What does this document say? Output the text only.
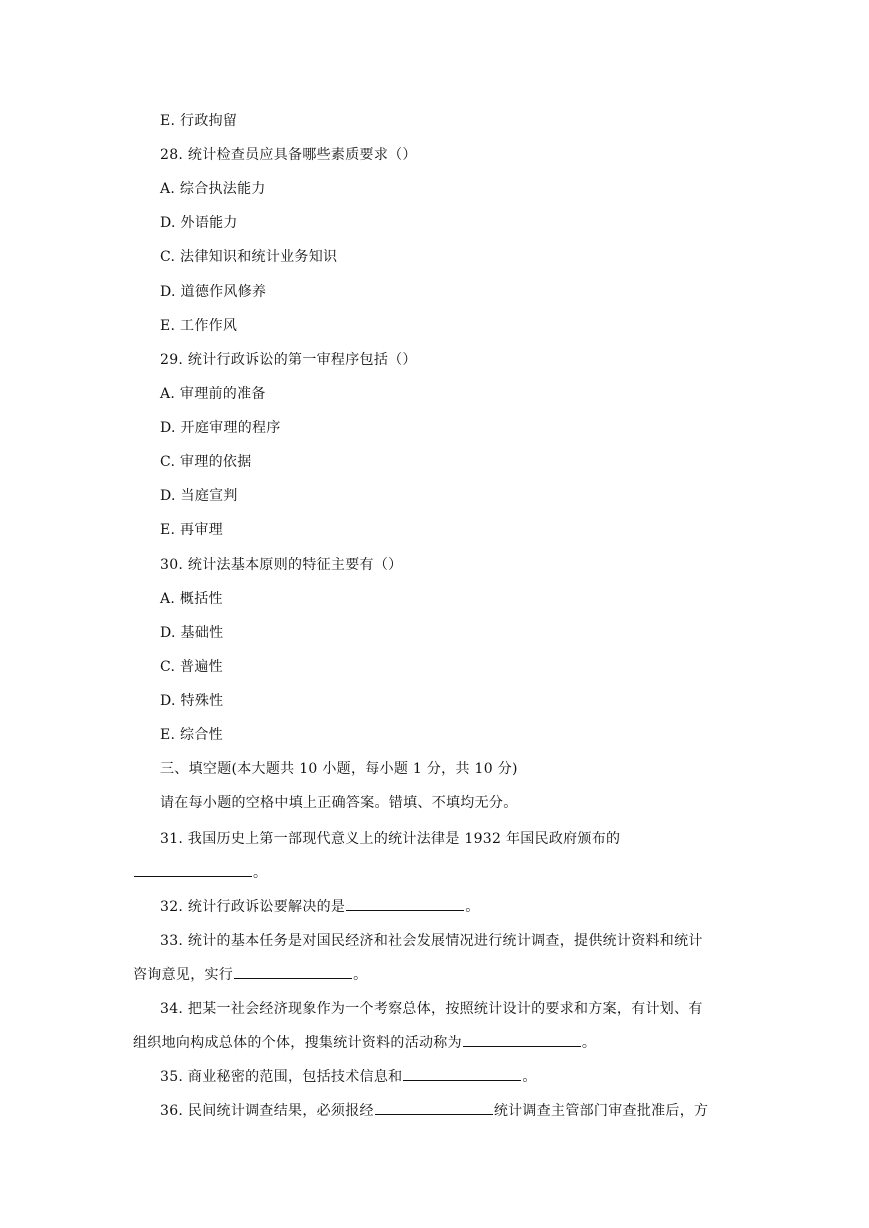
E. 行政拘留
28. 统计检查员应具备哪些素质要求（）
A. 综合执法能力
D. 外语能力
C. 法律知识和统计业务知识
D. 道德作风修养
E. 工作作风
29. 统计行政诉讼的第一审程序包括（）
A. 审理前的准备
D. 开庭审理的程序
C. 审理的依据
D. 当庭宣判
E. 再审理
30. 统计法基本原则的特征主要有（）
A. 概括性
D. 基础性
C. 普遍性
D. 特殊性
E. 综合性
三、填空题(本大题共 10 小题，每小题 1 分，共 10 分)
请在每小题的空格中填上正确答案。错填、不填均无分。
31. 我国历史上第一部现代意义上的统计法律是 1932 年国民政府颁布的
。
32. 统计行政诉讼要解决的是	。
33. 统计的基本任务是对国民经济和社会发展情况进行统计调查，提供统计资料和统计
咨询意见，实行	。
34. 把某一社会经济现象作为一个考察总体，按照统计设计的要求和方案，有计划、有
组织地向构成总体的个体，搜集统计资料的活动称为	。
35. 商业秘密的范围，包括技术信息和	。
36. 民间统计调查结果，必须报经	统计调查主管部门审查批准后，方
